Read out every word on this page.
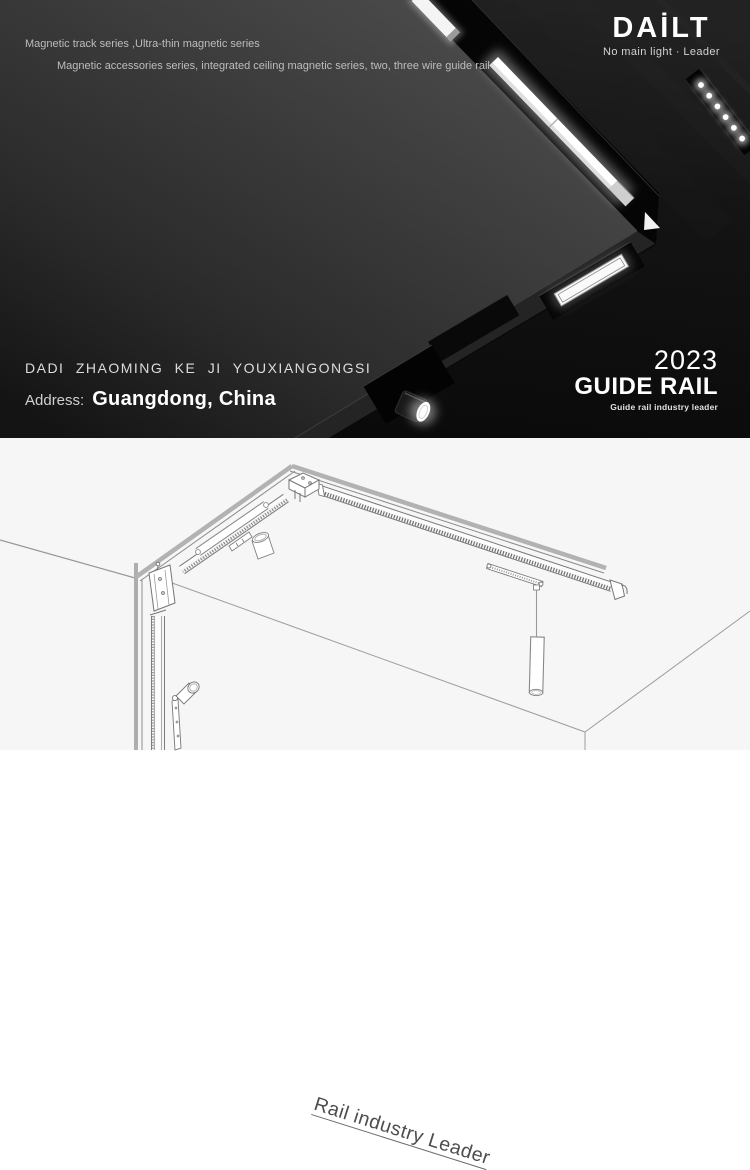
Magnetic track series ,Ultra-thin magnetic series
Magnetic accessories series, integrated ceiling magnetic series, two, three wire guide rail
DAİLT
No main light · Leader
DADI ZHAOMING KE JI YOUXIANGONGSI
Address: Guangdong, China
2023
GUIDE RAIL
Guide rail industry leader
Rail industry Leader
